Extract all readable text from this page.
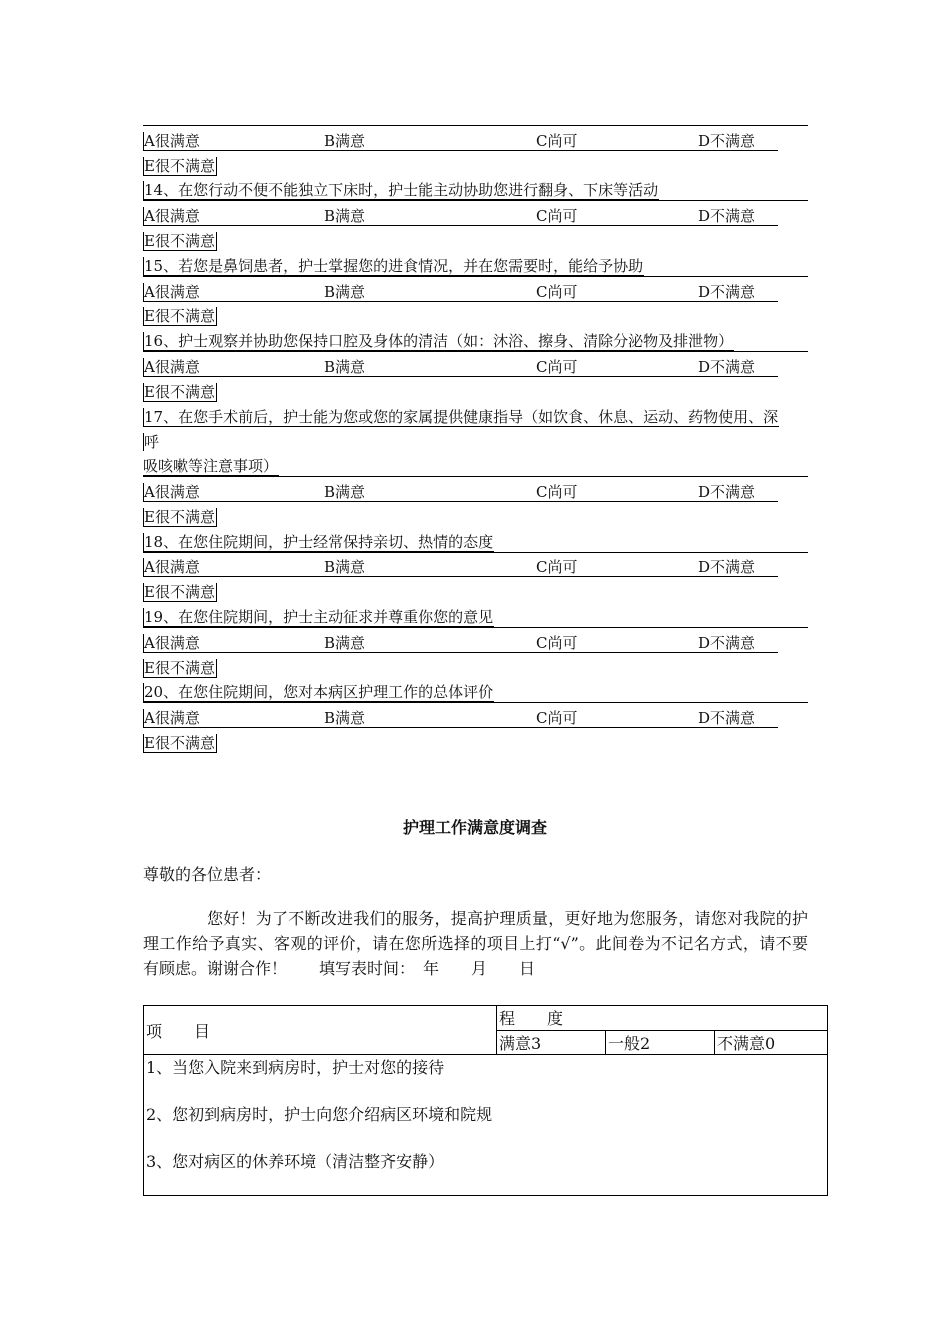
A很满意	B满意	C尚可	D不满意
E很不满意
14、在您行动不便不能独立下床时，护士能主动协助您进行翻身、下床等活动
A很满意	B满意	C尚可	D不满意
E很不满意
15、若您是鼻饲患者，护士掌握您的进食情况，并在您需要时，能给予协助
A很满意	B满意	C尚可	D不满意
E很不满意
16、护士观察并协助您保持口腔及身体的清洁（如：沐浴、擦身、清除分泌物及排泄物）
A很满意	B满意	C尚可	D不满意
E很不满意
17、在您手术前后，护士能为您或您的家属提供健康指导（如饮食、休息、运动、药物使用、深
呼
吸咳嗽等注意事项）
A很满意	B满意	C尚可	D不满意
E很不满意
18、在您住院期间，护士经常保持亲切、热情的态度
A很满意	B满意	C尚可	D不满意
E很不满意
19、在您住院期间，护士主动征求并尊重你您的意见
A很满意	B满意	C尚可	D不满意
E很不满意
20、在您住院期间，您对本病区护理工作的总体评价
A很满意	B满意	C尚可	D不满意
E很不满意
护理工作满意度调查
尊敬的各位患者：
您好！为了不断改进我们的服务，提高护理质量，更好地为您服务，请您对我院的护理工作给予真实、客观的评价，请在您所选择的项目上打“√”。此间卷为不记名方式，请不要有顾虑。谢谢合作！　　填写表时间：　年　　月　　日
项　　目	程　　度		
	满意3	一般2	不满意0

1、当您入院来到病房时，护士对您的接待
2、您初到病房时，护士向您介绍病区环境和院规
3、您对病区的休养环境（清洁整齐安静）			
